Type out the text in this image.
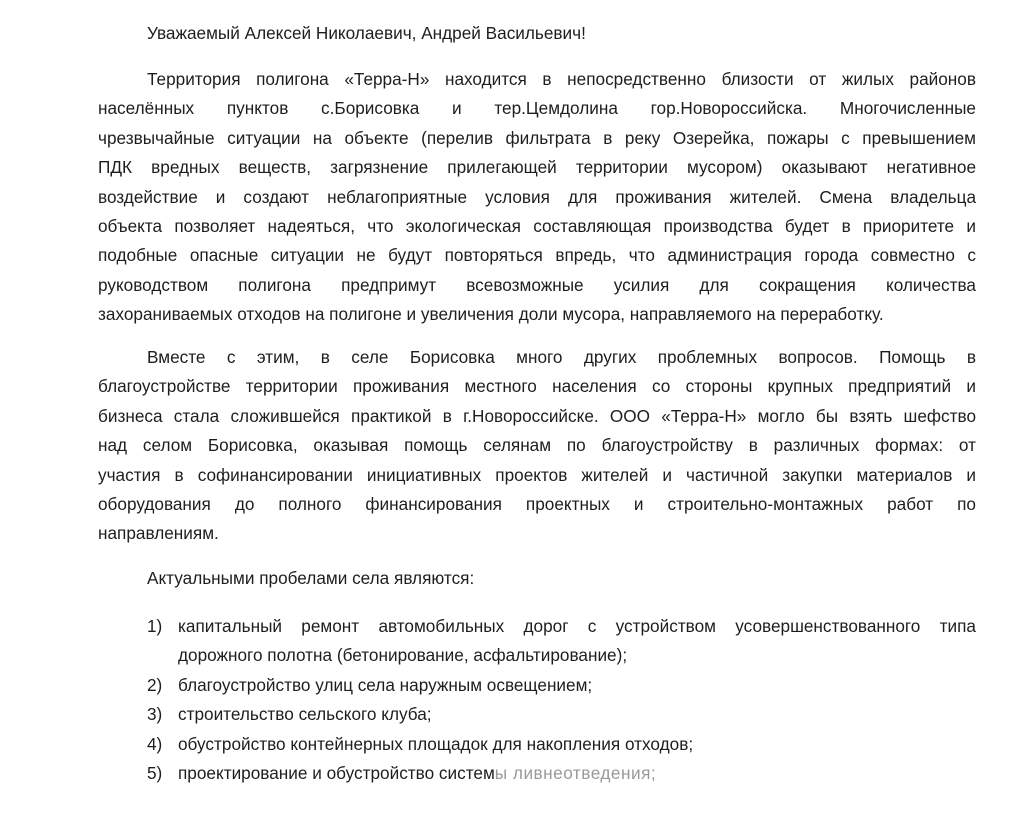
Уважаемый Алексей Николаевич, Андрей Васильевич!
Территория полигона «Терра-Н» находится в непосредственно близости от жилых районов
населённых пунктов с.Борисовка и тер.Цемдолина гор.Новороссийска. Многочисленные
чрезвычайные ситуации на объекте (перелив фильтрата в реку Озерейка, пожары с превышением
ПДК вредных веществ, загрязнение прилегающей территории мусором) оказывают негативное
воздействие и создают неблагоприятные условия для проживания жителей. Смена владельца
объекта позволяет надеяться, что экологическая составляющая производства будет в приоритете и
подобные опасные ситуации не будут повторяться впредь, что администрация города совместно с
руководством полигона предпримут всевозможные усилия для сокращения количества
захораниваемых отходов на полигоне и увеличения доли мусора, направляемого на переработку.
Вместе с этим, в селе Борисовка много других проблемных вопросов. Помощь в
благоустройстве территории проживания местного населения со стороны крупных предприятий и
бизнеса стала сложившейся практикой в г.Новороссийске. ООО «Терра-Н» могло бы взять шефство
над селом Борисовка, оказывая помощь селянам по благоустройству в различных формах: от
участия в софинансировании инициативных проектов жителей и частичной закупки материалов и
оборудования до полного финансирования проектных и строительно-монтажных работ по
направлениям.
Актуальными пробелами села являются:
1) капитальный ремонт автомобильных дорог с устройством усовершенствованного типа
дорожного полотна (бетонирование, асфальтирование);
2) благоустройство улиц села наружным освещением;
3) строительство сельского клуба;
4) обустройство контейнерных площадок для накопления отходов;
5) проектирование и обустройство системы ливнеотведения;
